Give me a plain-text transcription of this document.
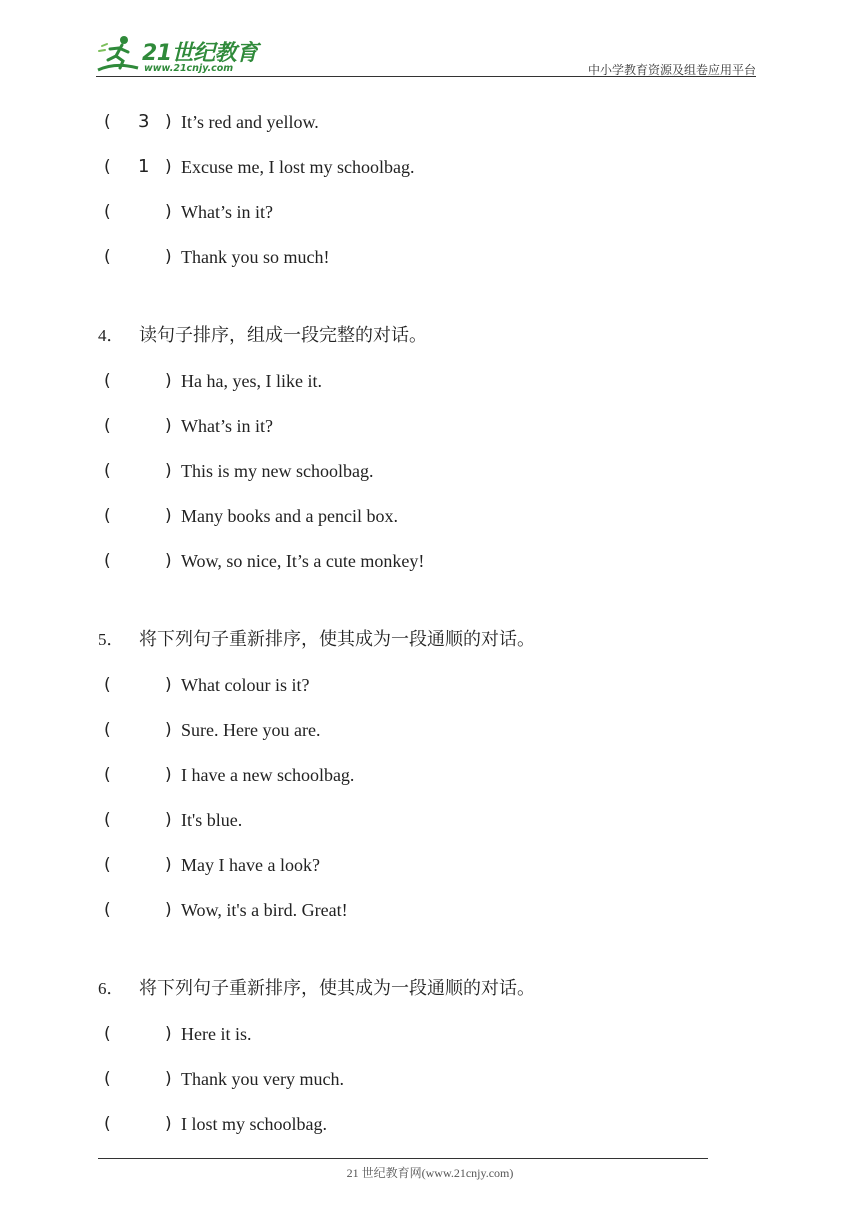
21世纪教育
www.21cnjy.com	中小学教育资源及组卷应用平台
( 3 ) It’s red and yellow.
( 1 ) Excuse me, I lost my schoolbag.
(	) What’s in it?
(	) Thank you so much!
4． 读句子排序，组成一段完整的对话。
(	) Ha ha, yes, I like it.
(	) What’s in it?
(	) This is my new schoolbag.
(	) Many books and a pencil box.
(	) Wow, so nice, It’s a cute monkey!
5． 将下列句子重新排序，使其成为一段通顺的对话。
(	) What colour is it?
(	) Sure. Here you are.
(	) I have a new schoolbag.
(	) It's blue.
(	) May I have a look?
(	) Wow, it's a bird. Great!
6． 将下列句子重新排序，使其成为一段通顺的对话。
(	) Here it is.
(	) Thank you very much.
(	) I lost my schoolbag.
21 世纪教育网(www.21cnjy.com)
